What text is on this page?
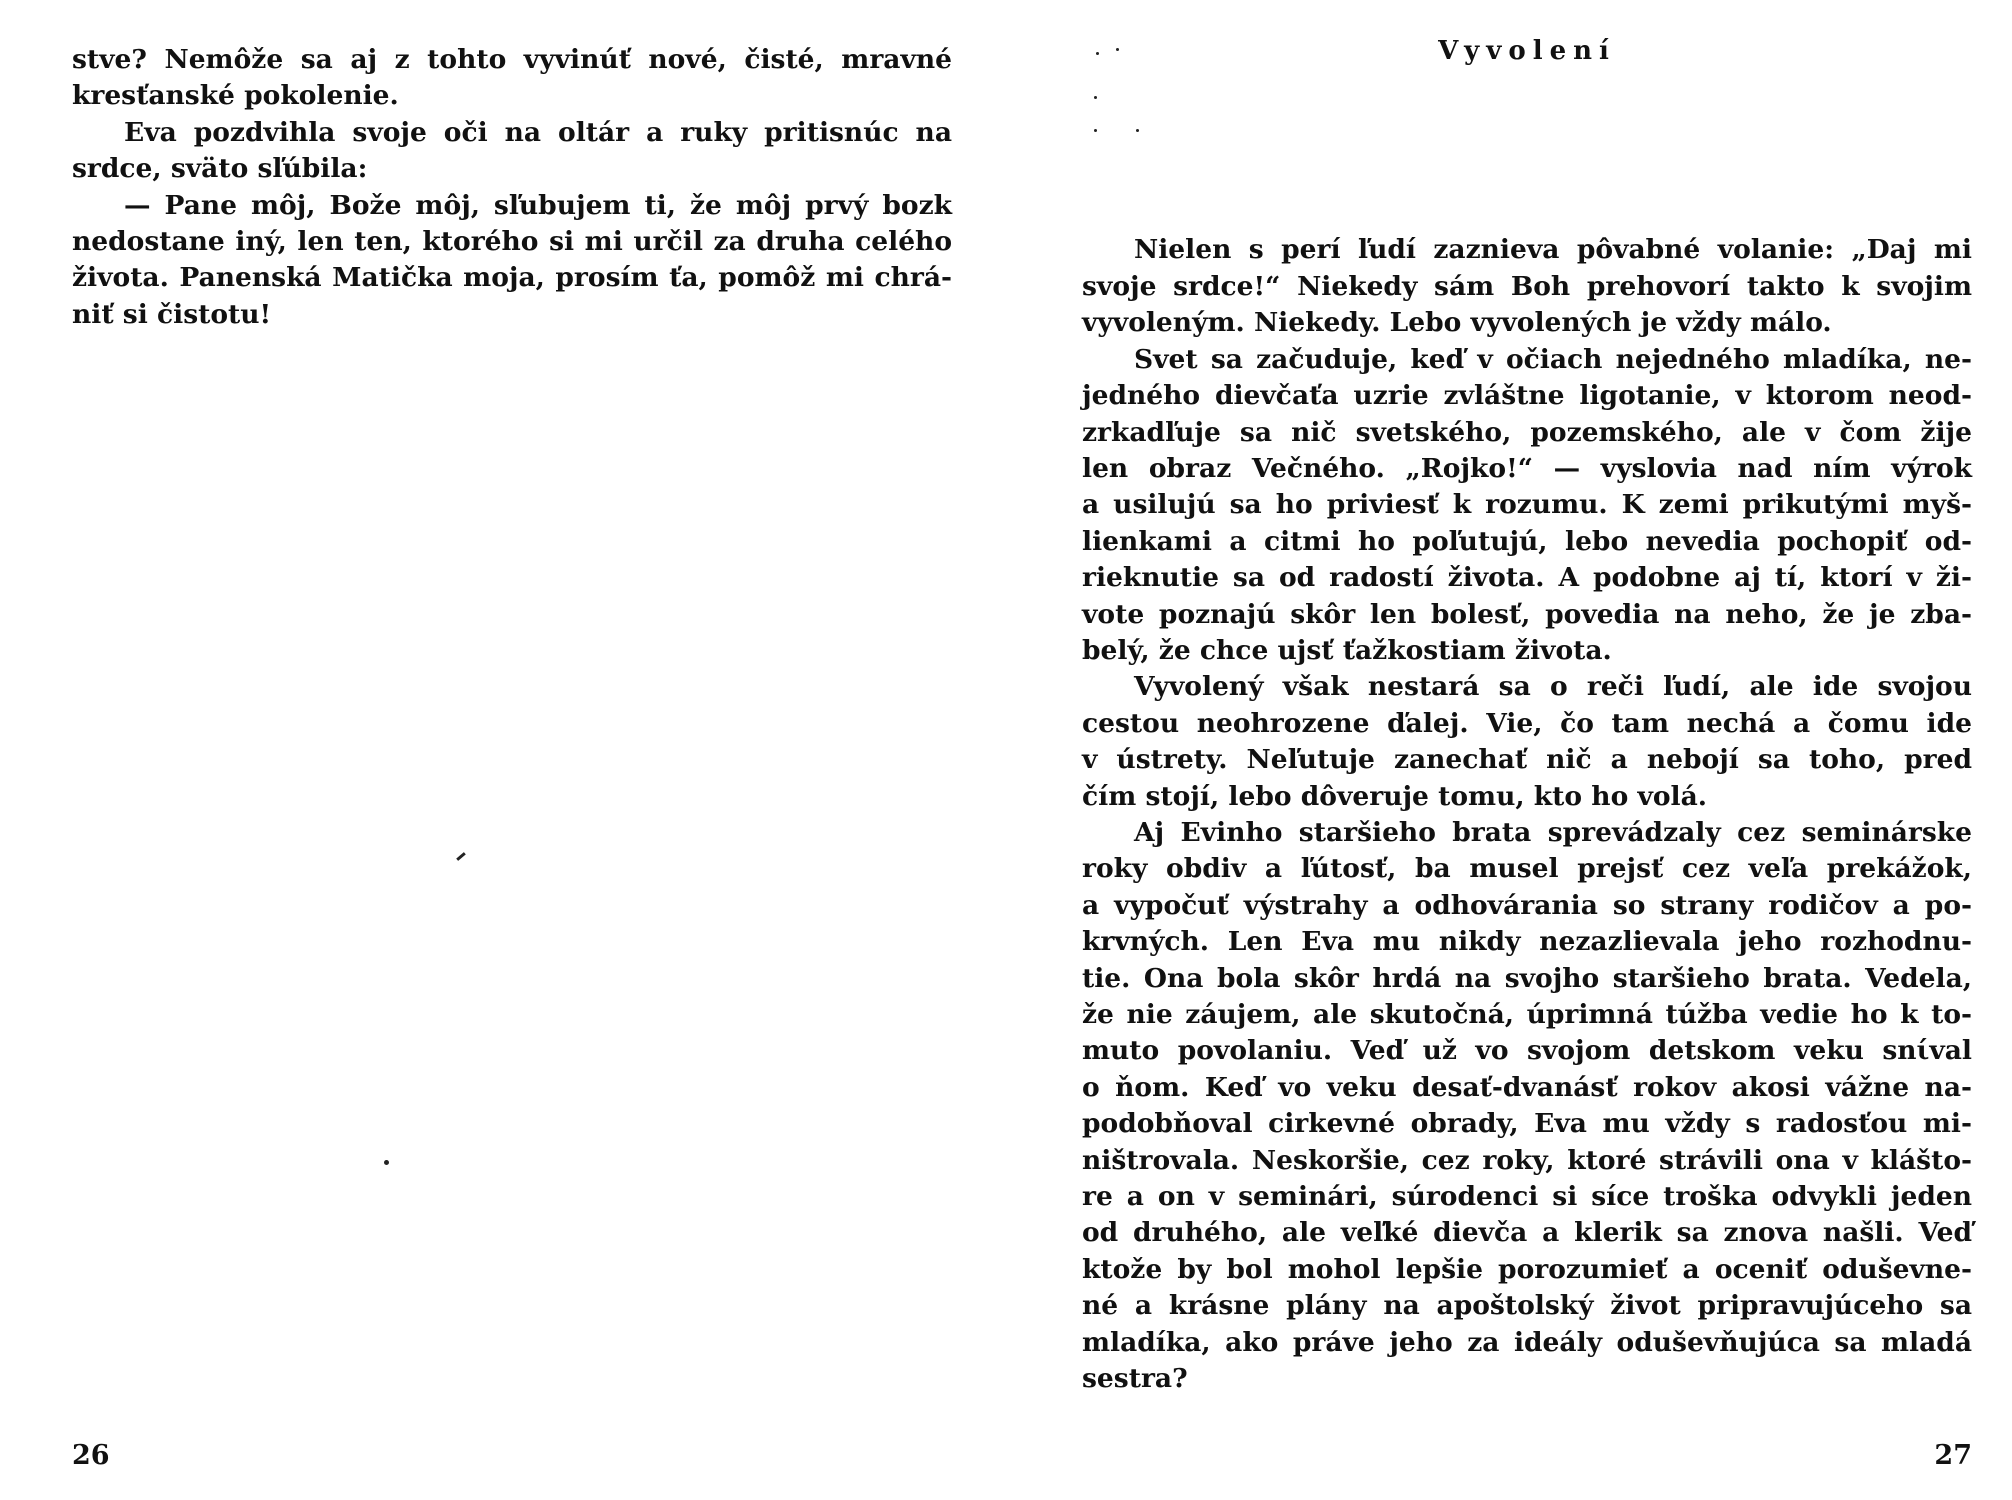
stve? Nemôže sa aj z tohto vyvinúť nové, čisté, mravné
kresťanské pokolenie.
Eva pozdvihla svoje oči na oltár a ruky pritisnúc na
srdce, sväto sľúbila:
— Pane môj, Bože môj, sľubujem ti, že môj prvý bozk
nedostane iný, len ten, ktorého si mi určil za druha celého
života. Panenská Matička moja, prosím ťa, pomôž mi chrá-
niť si čistotu!
26
Vyvolení
Nielen s perí ľudí zaznieva pôvabné volanie: „Daj mi
svoje srdce!“ Niekedy sám Boh prehovorí takto k svojim
vyvoleným. Niekedy. Lebo vyvolených je vždy málo.
Svet sa začuduje, keď v očiach nejedného mladíka, ne-
jedného dievčaťa uzrie zvláštne ligotanie, v ktorom neod-
zrkadľuje sa nič svetského, pozemského, ale v čom žije
len obraz Večného. „Rojko!“ — vyslovia nad ním výrok
a usilujú sa ho priviesť k rozumu. K zemi prikutými myš-
lienkami a citmi ho poľutujú, lebo nevedia pochopiť od-
rieknutie sa od radostí života. A podobne aj tí, ktorí v ži-
vote poznajú skôr len bolesť, povedia na neho, že je zba-
belý, že chce ujsť ťažkostiam života.
Vyvolený však nestará sa o reči ľudí, ale ide svojou
cestou neohrozene ďalej. Vie, čo tam nechá a čomu ide
v ústrety. Neľutuje zanechať nič a nebojí sa toho, pred
čím stojí, lebo dôveruje tomu, kto ho volá.
Aj Evinho staršieho brata sprevádzaly cez seminárske
roky obdiv a ľútosť, ba musel prejsť cez veľa prekážok,
a vypočuť výstrahy a odhovárania so strany rodičov a po-
krvných. Len Eva mu nikdy nezazlievala jeho rozhodnu-
tie. Ona bola skôr hrdá na svojho staršieho brata. Vedela,
že nie záujem, ale skutočná, úprimná túžba vedie ho k to-
muto povolaniu. Veď už vo svojom detskom veku snίval
o ňom. Keď vo veku desať-dvanásť rokov akosi vážne na-
podobňoval cirkevné obrady, Eva mu vždy s radosťou mi-
ništrovala. Neskoršie, cez roky, ktoré strávili ona v kláštо-
re a on v seminári, súrodenci si síce troška odvykli jeden
od druhého, ale veľké dievča a klerik sa znova našli. Veď
ktože by bol mohol lepšie porozumieť a oceniť oduševne-
né a krásne plány na apoštolský život pripravujúceho sa
mladíka, ako práve jeho za ideály oduševňujúca sa mladá
sestra?
27
